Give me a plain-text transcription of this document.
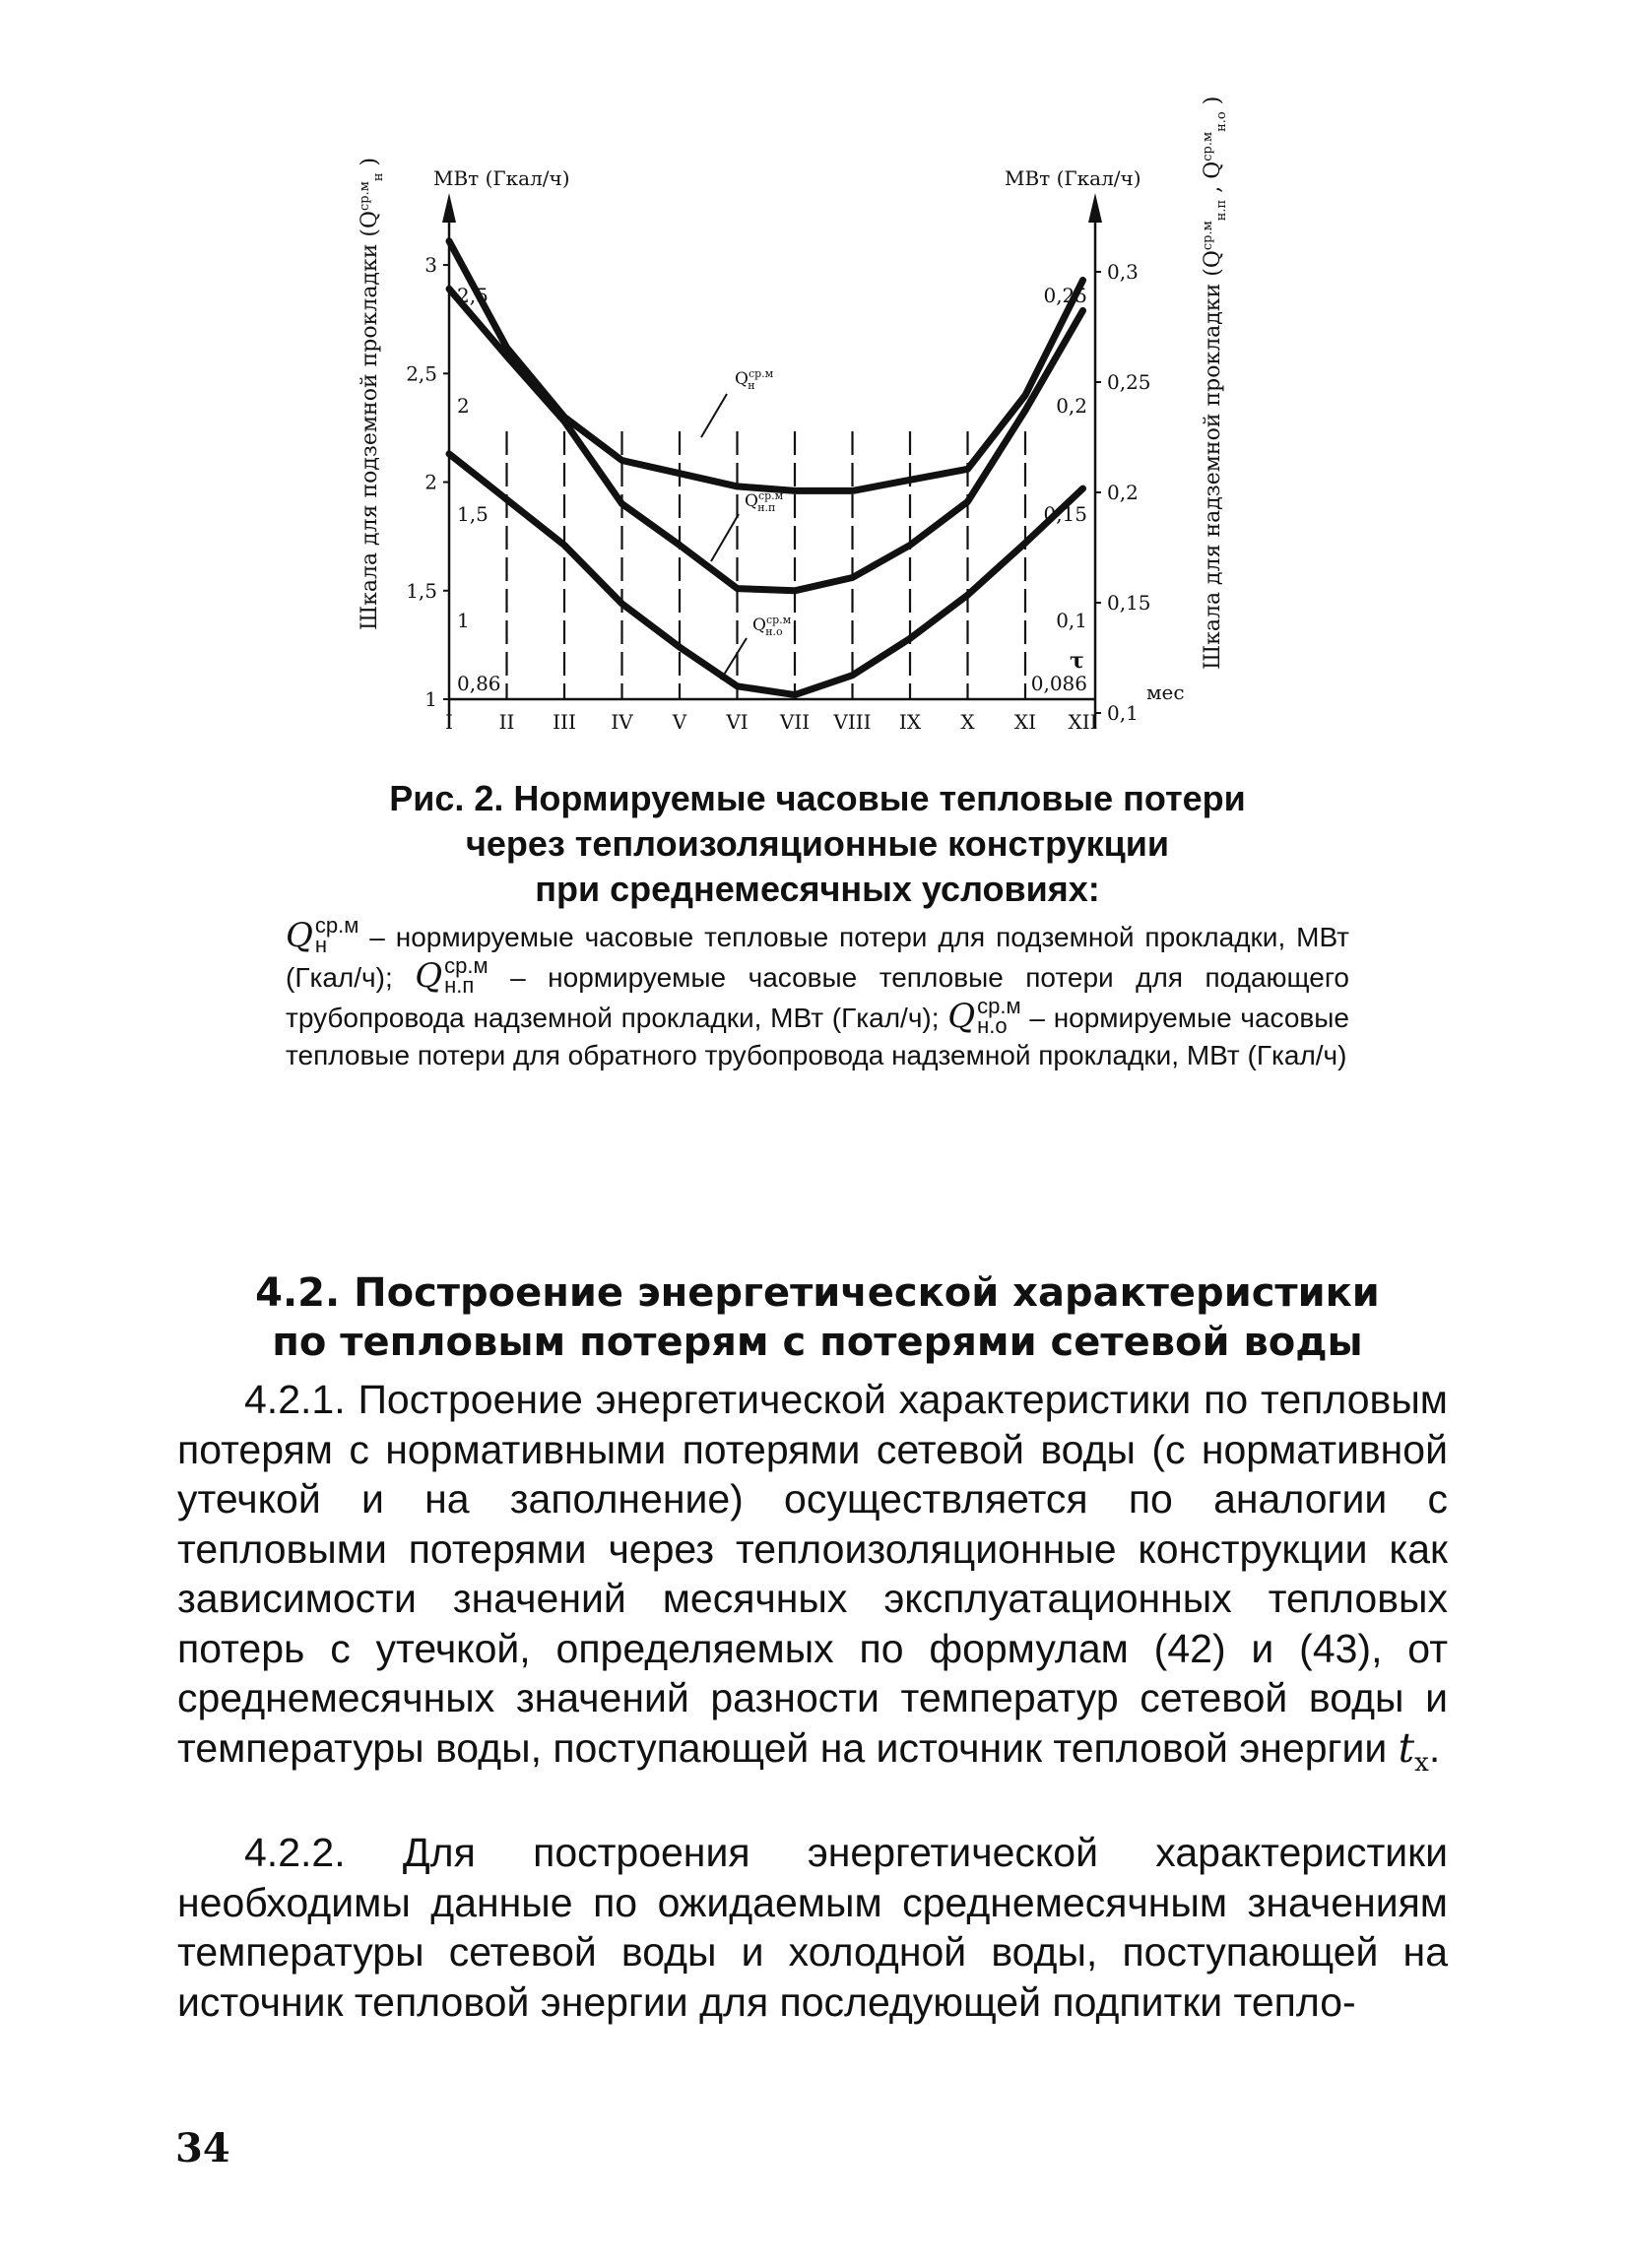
МВт (Гкал/ч)	МВт (Гкал/ч)
Шкала для подземной прокладки ($Q^{ср.м}_н$ )
Шкала для надземной прокладки ($Q^{ср.м}_{н.п}$ , $Q^{ср.м}_{н.о}$ )
3
2,5
2
1,5
1
2,5
2
1,5
1
0,86
0,25
0,2
0,15
0,1
0,086
0,3
0,25
0,2
0,15
0,1
I II III IV V VI VII VIII IX X XI XII
τ
мес
$Q^{ср.м}$ н
$Q^{ср.м}$ н.п
$Q^{ср.м}$ н.о

Рис. 2. Нормируемые часовые тепловые потери

через теплоизоляционные конструкции

при среднемесячных условиях:

Q ср.м
н	– нормируемые часовые тепловые потери для подземной прокладки, МВт (Гкал/ч); Q ср.м
н.п	– нормируемые часовые тепловые потери для подающего трубопровода надземной прокладки, МВт (Гкал/ч); Q ср.м
н.о – нормируемые часовые тепловые потери для обратного трубопровода надземной прокладки, МВт (Гкал/ч)

4.2. Построение энергетической характеристики
по тепловым потерям с потерями сетевой воды

4.2.1. Построение энергетической характеристики по тепловым потерям с нормативными потерями сетевой воды (с нормативной утечкой и на заполнение) осуществляется по аналогии с тепловыми потерями через теплоизоляционные конструкции как зависимости значений месячных эксплуатационных тепловых потерь с утечкой, определяемых по формулам (42) и (43), от среднемесячных значений разности температур сетевой воды и температуры воды, поступающей на источник тепловой энергии $t_х$.

4.2.2. Для построения энергетической характеристики необходимы данные по ожидаемым среднемесячным значениям температуры сетевой воды и холодной воды, поступающей на источник тепловой энергии для последующей подпитки тепло-

34
